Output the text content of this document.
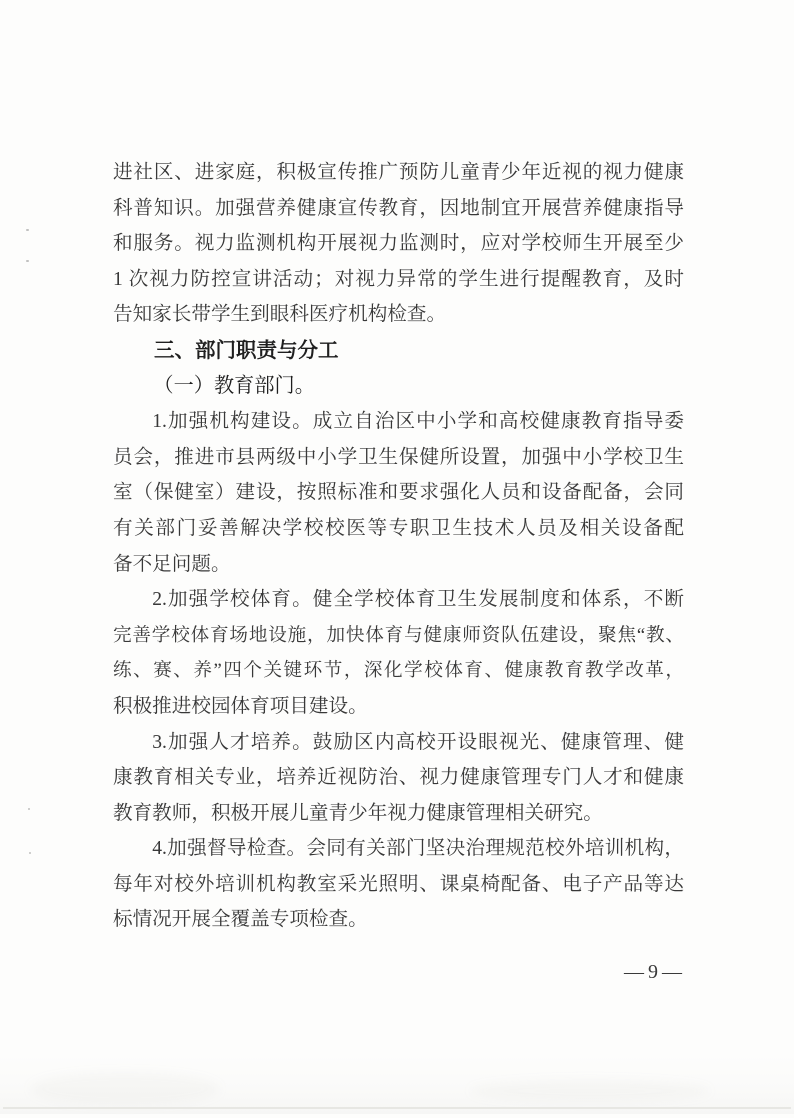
进社区、进家庭，积极宣传推广预防儿童青少年近视的视力健康

科普知识。加强营养健康宣传教育，因地制宜开展营养健康指导

和服务。视力监测机构开展视力监测时，应对学校师生开展至少

1 次视力防控宣讲活动；对视力异常的学生进行提醒教育，及时

告知家长带学生到眼科医疗机构检查。

三、部门职责与分工
（一）教育部门。

1.加强机构建设。成立自治区中小学和高校健康教育指导委

员会，推进市县两级中小学卫生保健所设置，加强中小学校卫生

室（保健室）建设，按照标准和要求强化人员和设备配备，会同

有关部门妥善解决学校校医等专职卫生技术人员及相关设备配

备不足问题。

2.加强学校体育。健全学校体育卫生发展制度和体系，不断

完善学校体育场地设施，加快体育与健康师资队伍建设，聚焦“教、

练、赛、养”四个关键环节，深化学校体育、健康教育教学改革，

积极推进校园体育项目建设。

3.加强人才培养。鼓励区内高校开设眼视光、健康管理、健

康教育相关专业，培养近视防治、视力健康管理专门人才和健康

教育教师，积极开展儿童青少年视力健康管理相关研究。

4.加强督导检查。会同有关部门坚决治理规范校外培训机构，

每年对校外培训机构教室采光照明、课桌椅配备、电子产品等达

标情况开展全覆盖专项检查。

—9—
